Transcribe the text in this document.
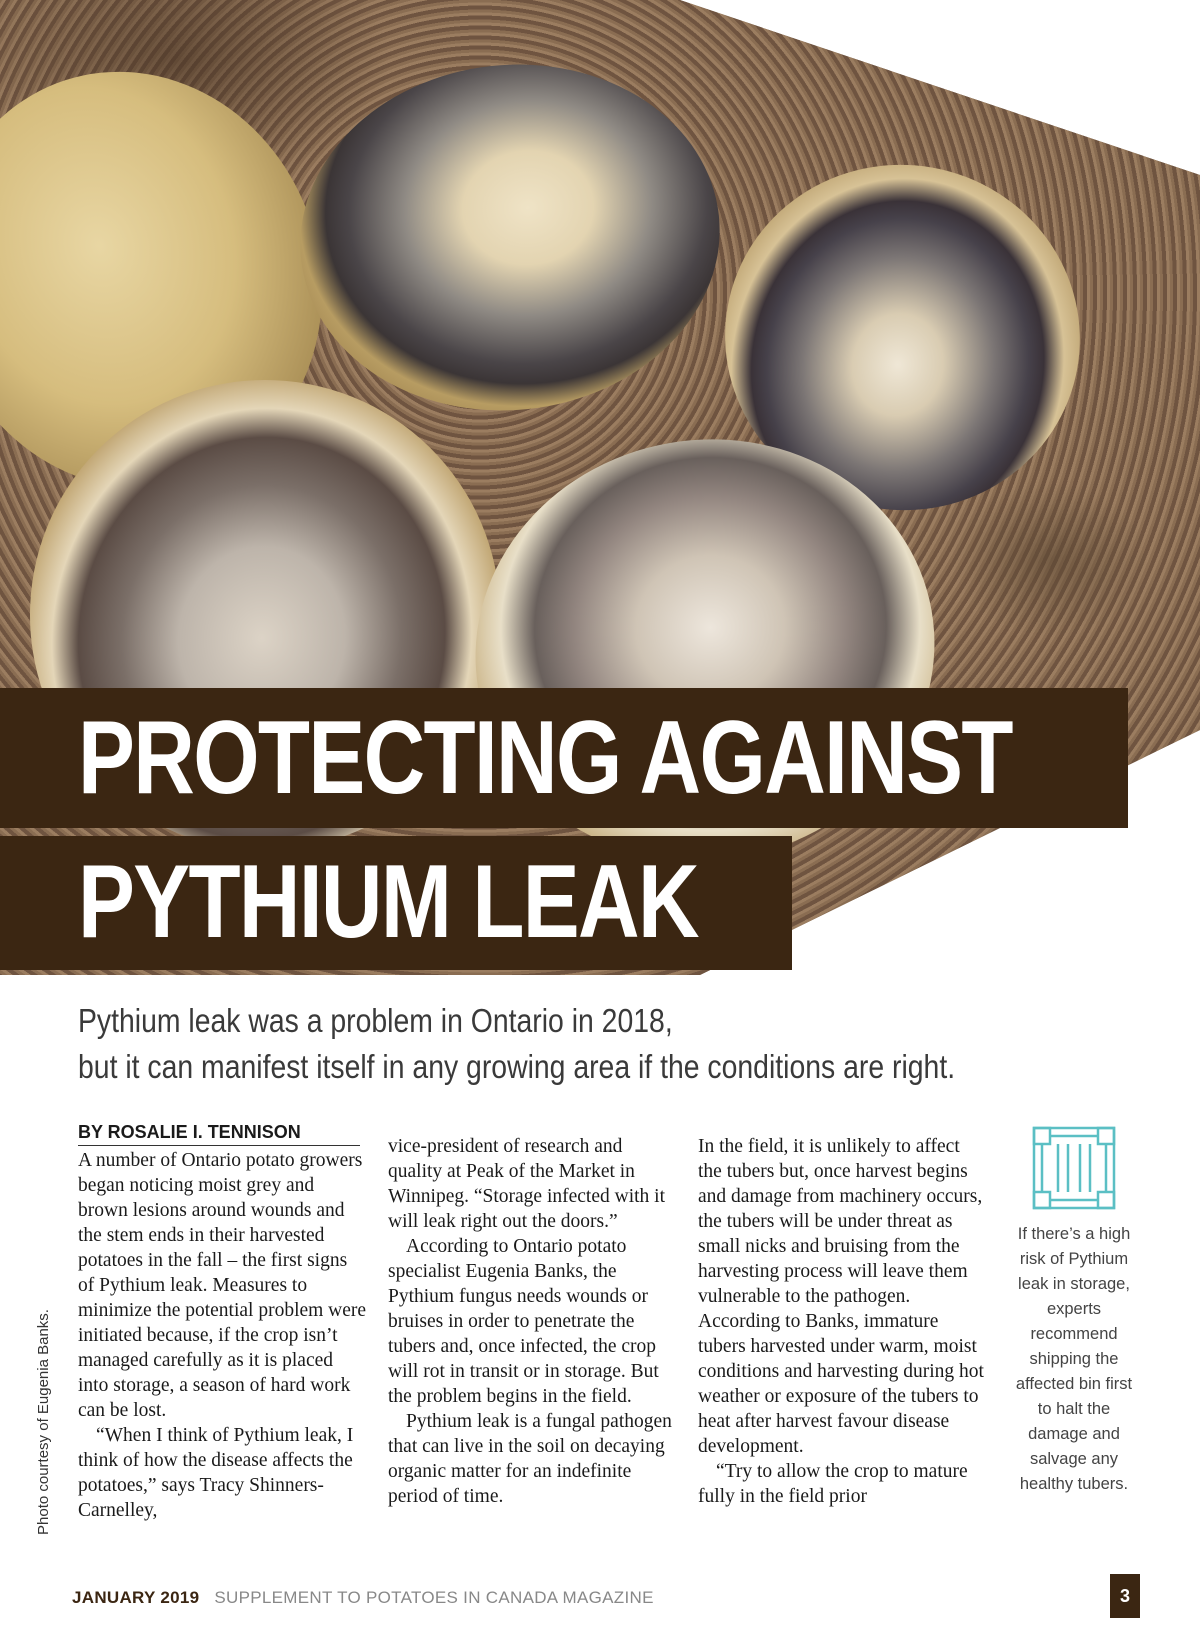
PROTECTING AGAINST
PYTHIUM LEAK
Pythium leak was a problem in Ontario in 2018,
but it can manifest itself in any growing area if the conditions are right.
Photo courtesy of Eugenia Banks.
BY ROSALIE I. TENNISON

A number of Ontario potato growers began noticing moist grey and brown lesions around wounds and the stem ends in their harvested potatoes in the fall – the first signs of Pythium leak. Measures to minimize the potential problem were initiated because, if the crop isn’t managed carefully as it is placed into storage, a season of hard work can be lost.

“When I think of Pythium leak, I think of how the disease affects the potatoes,” says Tracy Shinners-Carnelley,

vice-president of research and quality at Peak of the Market in Winnipeg. “Storage infected with it will leak right out the doors.”

According to Ontario potato specialist Eugenia Banks, the Pythium fungus needs wounds or bruises in order to penetrate the tubers and, once infected, the crop will rot in transit or in storage. But the problem begins in the field.

Pythium leak is a fungal pathogen that can live in the soil on decaying organic matter for an indefinite period of time.

In the field, it is unlikely to affect the tubers but, once harvest begins and damage from machinery occurs, the tubers will be under threat as small nicks and bruising from the harvesting process will leave them vulnerable to the pathogen. According to Banks, immature tubers harvested under warm, moist conditions and harvesting during hot weather or exposure of the tubers to heat after harvest favour disease development.

“Try to allow the crop to mature fully in the field prior

If there’s a high risk of Pythium leak in storage, experts recommend shipping the affected bin first to halt the damage and salvage any healthy tubers.
JANUARY 2019 SUPPLEMENT TO POTATOES IN CANADA MAGAZINE	3
